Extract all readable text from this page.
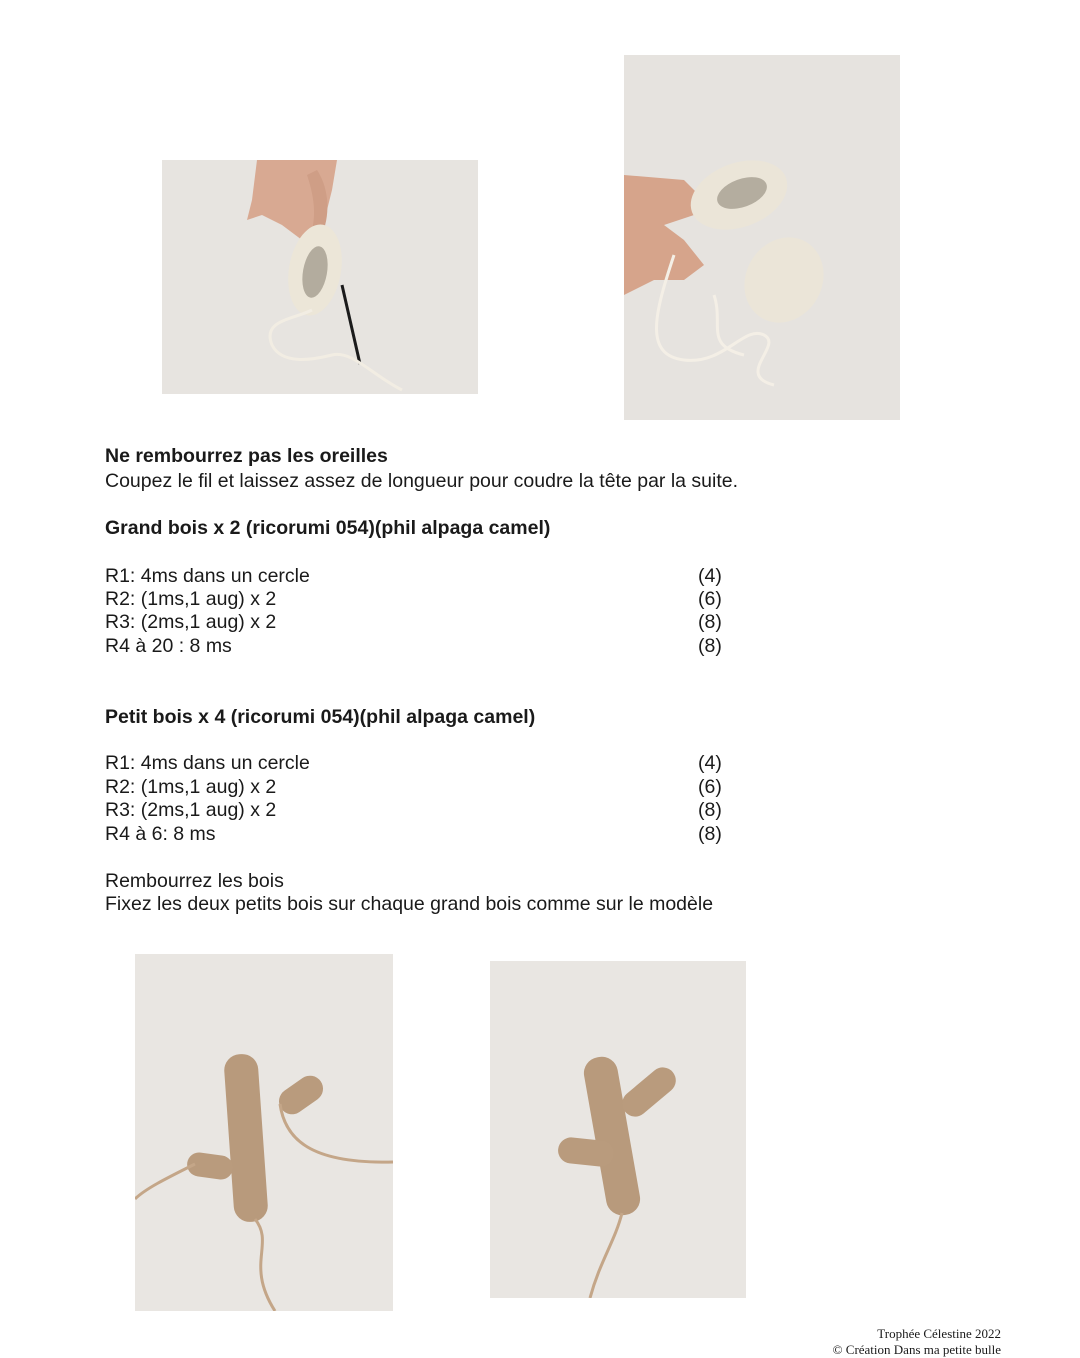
Ne rembourrez pas les oreilles
Coupez le fil et laissez assez de longueur pour coudre la tête par la suite.
Grand bois x 2 (ricorumi 054)(phil alpaga camel)
R1: 4ms dans un cercle	(4)
R2: (1ms,1 aug) x 2	(6)
R3: (2ms,1 aug) x 2	(8)
R4 à 20 : 8 ms	(8)
Petit bois x 4 (ricorumi 054)(phil alpaga camel)
R1: 4ms dans un cercle	(4)
R2: (1ms,1 aug) x 2	(6)
R3: (2ms,1 aug) x 2	(8)
R4 à 6: 8 ms	(8)
Rembourrez les bois
Fixez les deux petits bois sur chaque grand bois comme sur le modèle
Trophée Célestine 2022
© Création Dans ma petite bulle
